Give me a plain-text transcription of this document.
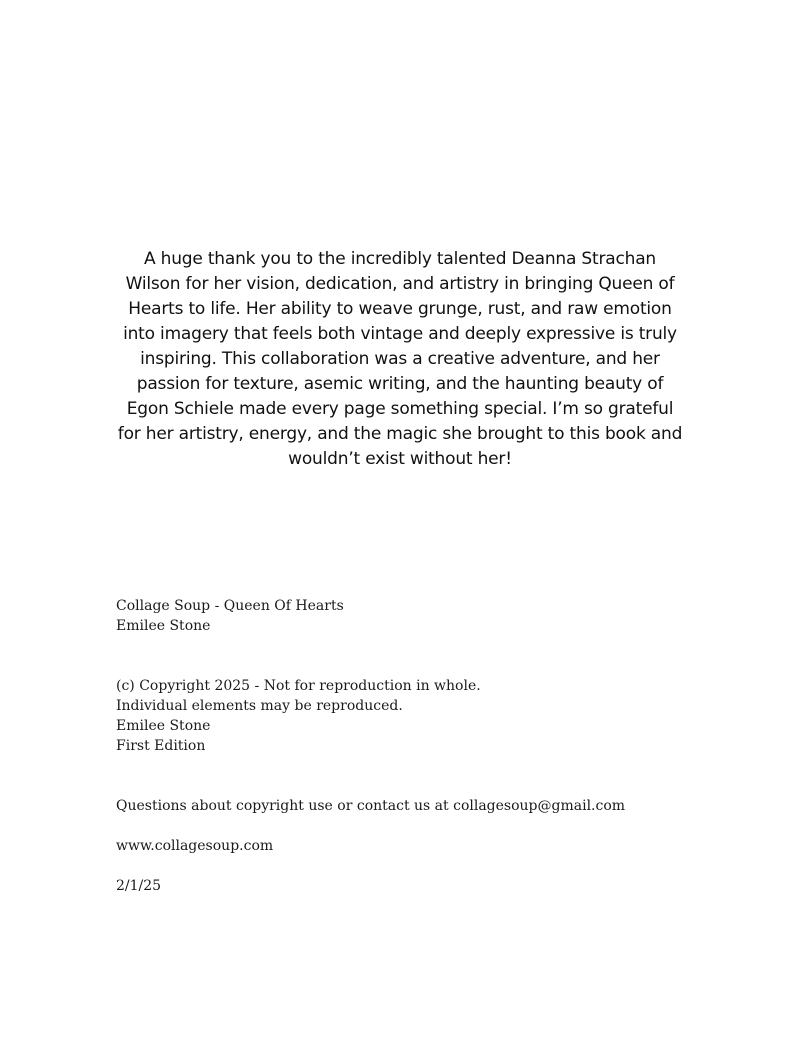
A huge thank you to the incredibly talented Deanna Strachan Wilson for her vision, dedication, and artistry in bringing Queen of Hearts to life. Her ability to weave grunge, rust, and raw emotion into imagery that feels both vintage and deeply expressive is truly inspiring. This collaboration was a creative adventure, and her passion for texture, asemic writing, and the haunting beauty of Egon Schiele made every page something special. I’m so grateful for her artistry, energy, and the magic she brought to this book and wouldn’t exist without her!

Collage Soup - Queen Of Hearts
Emilee Stone
(c) Copyright 2025 - Not for reproduction in whole.
Individual elements may be reproduced.
Emilee Stone
First Edition
Questions about copyright use or contact us at collagesoup@gmail.com
www.collagesoup.com
2/1/25
